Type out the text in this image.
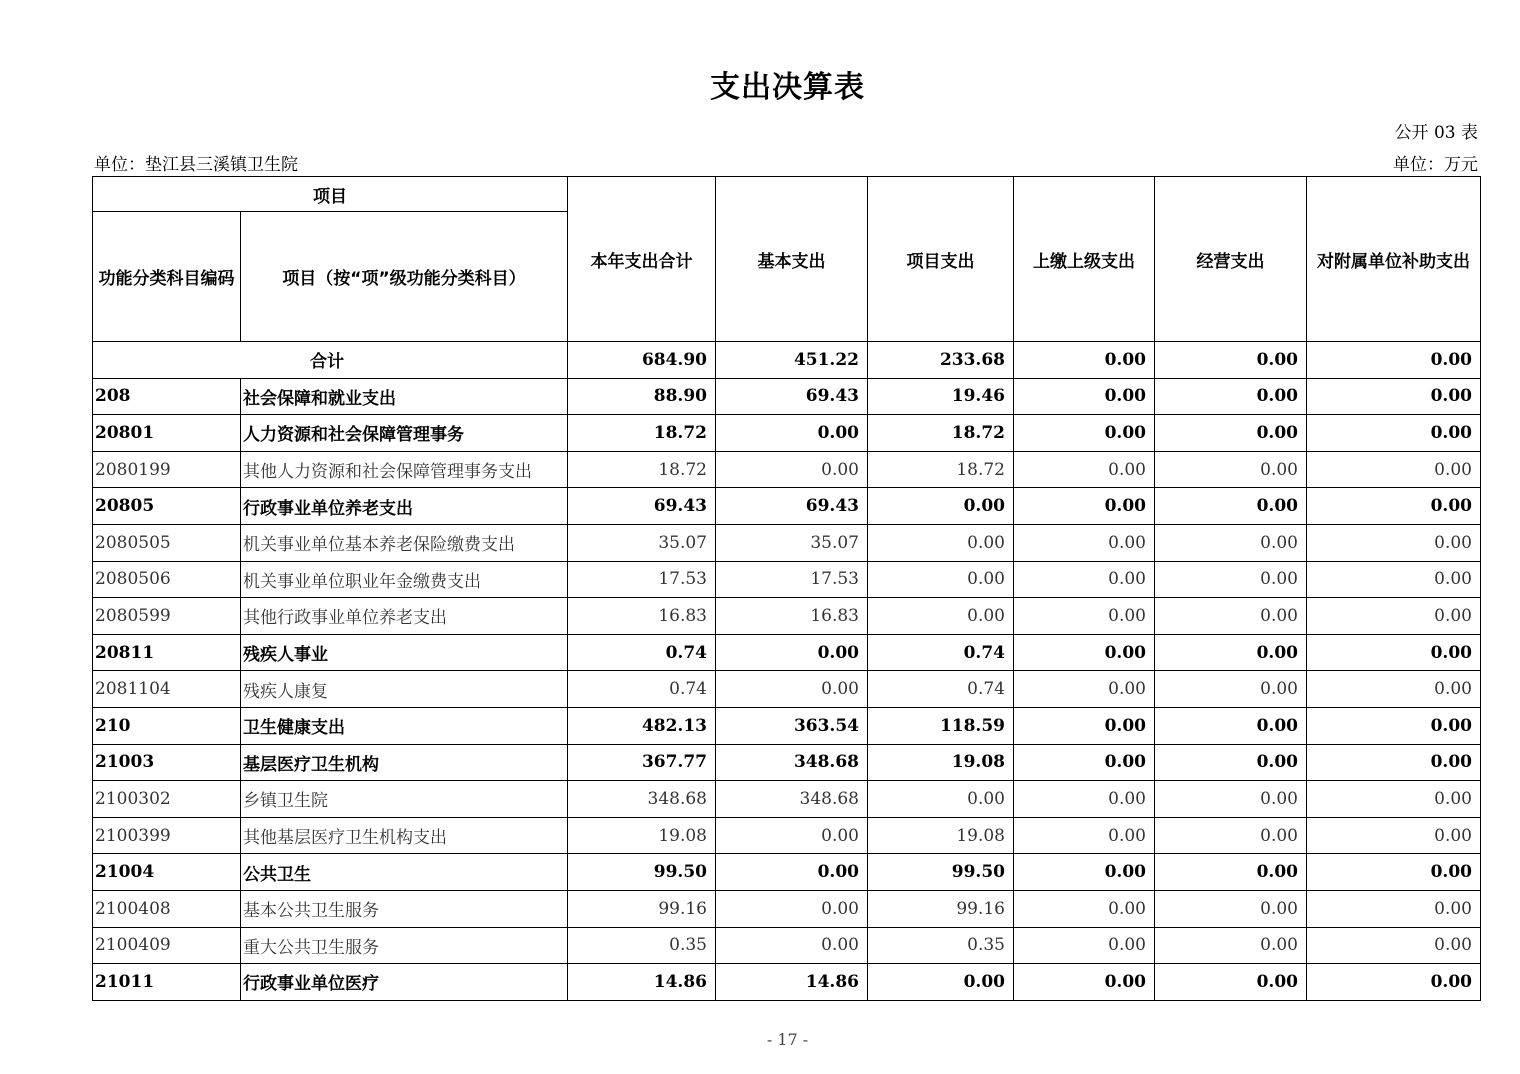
支出决算表
公开 03 表
单位：垫江县三溪镇卫生院	单位：万元
项目		本年支出合计	基本支出	项目支出	上缴上级支出	经营支出	对附属单位补助支出
功能分类科目编码	项目（按“项”级功能分类科目）						
合计		684.90	451.22	233.68	0.00	0.00	0.00
208	社会保障和就业支出	88.90	69.43	19.46	0.00	0.00	0.00
20801	人力资源和社会保障管理事务	18.72	0.00	18.72	0.00	0.00	0.00
2080199	其他人力资源和社会保障管理事务支出	18.72	0.00	18.72	0.00	0.00	0.00
20805	行政事业单位养老支出	69.43	69.43	0.00	0.00	0.00	0.00
2080505	机关事业单位基本养老保险缴费支出	35.07	35.07	0.00	0.00	0.00	0.00
2080506	机关事业单位职业年金缴费支出	17.53	17.53	0.00	0.00	0.00	0.00
2080599	其他行政事业单位养老支出	16.83	16.83	0.00	0.00	0.00	0.00
20811	残疾人事业	0.74	0.00	0.74	0.00	0.00	0.00
2081104	残疾人康复	0.74	0.00	0.74	0.00	0.00	0.00
210	卫生健康支出	482.13	363.54	118.59	0.00	0.00	0.00
21003	基层医疗卫生机构	367.77	348.68	19.08	0.00	0.00	0.00
2100302	乡镇卫生院	348.68	348.68	0.00	0.00	0.00	0.00
2100399	其他基层医疗卫生机构支出	19.08	0.00	19.08	0.00	0.00	0.00
21004	公共卫生	99.50	0.00	99.50	0.00	0.00	0.00
2100408	基本公共卫生服务	99.16	0.00	99.16	0.00	0.00	0.00
2100409	重大公共卫生服务	0.35	0.00	0.35	0.00	0.00	0.00
21011	行政事业单位医疗	14.86	14.86	0.00	0.00	0.00	0.00
- 17 -
